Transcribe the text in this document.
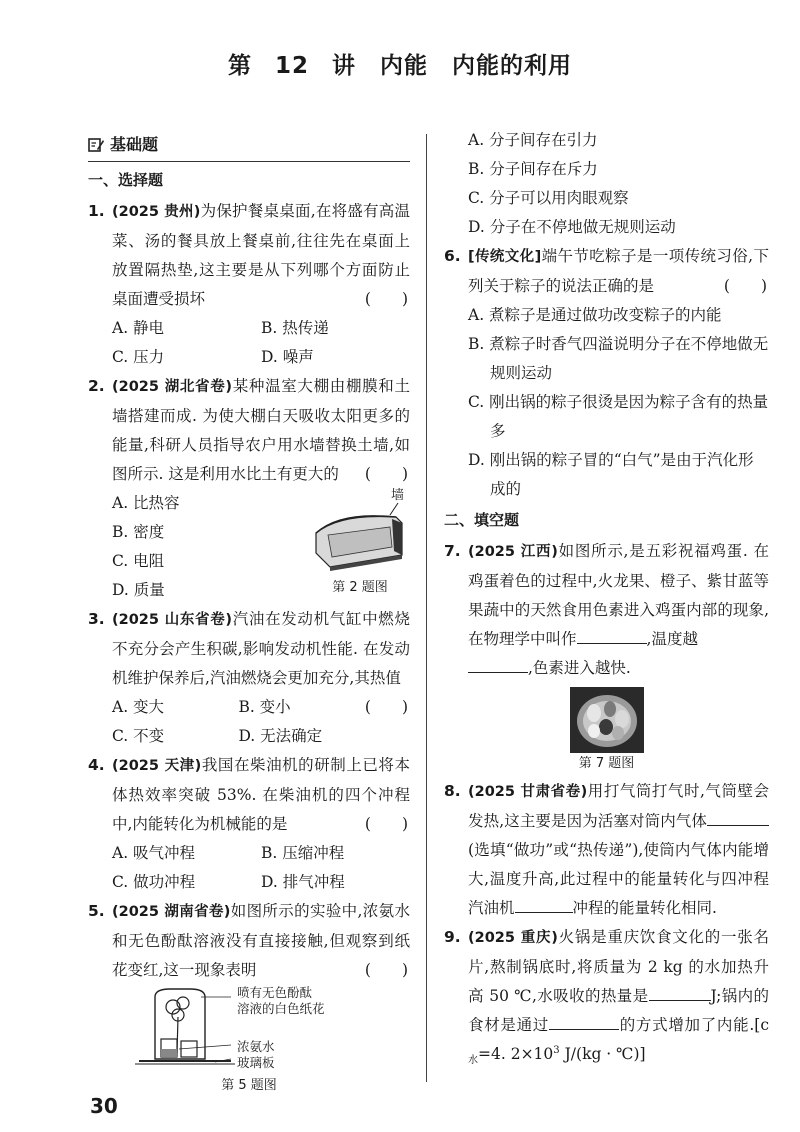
第 12 讲　内能　内能的利用
基础题
一、选择题
1. (2025 贵州)为保护餐桌桌面,在将盛有高温菜、汤的餐具放上餐桌前,往往先在桌面上放置隔热垫,这主要是从下列哪个方面防止桌面遭受损坏	(　　)
A. 静电	B. 热传递
C. 压力	D. 噪声
2. (2025 湖北省卷)某种温室大棚由棚膜和土墙搭建而成. 为使大棚白天吸收太阳更多的能量,科研人员指导农户用水墙替换土墙,如图所示. 这是利用水比土有更大的 (　　)
A. 比热容
B. 密度
C. 电阻
D. 质量
墙
第 2 题图
3. (2025 山东省卷)汽油在发动机气缸中燃烧不充分会产生积碳,影响发动机性能. 在发动机维护保养后,汽油燃烧会更加充分,其热值
(　　)
A. 变大	B. 变小
C. 不变	D. 无法确定
4. (2025 天津)我国在柴油机的研制上已将本体热效率突破 53%. 在柴油机的四个冲程中,内能转化为机械能的是	(　　)
A. 吸气冲程	B. 压缩冲程
C. 做功冲程	D. 排气冲程
5. (2025 湖南省卷)如图所示的实验中,浓氨水和无色酚酞溶液没有直接接触,但观察到纸花变红,这一现象表明	(　　)
喷有无色酚酞
溶液的白色纸花
浓氨水
玻璃板
第 5 题图
A. 分子间存在引力
B. 分子间存在斥力
C. 分子可以用肉眼观察
D. 分子在不停地做无规则运动
6. [传统文化]端午节吃粽子是一项传统习俗,下列关于粽子的说法正确的是	(　　)
A. 煮粽子是通过做功改变粽子的内能
B. 煮粽子时香气四溢说明分子在不停地做无规则运动
C. 刚出锅的粽子很烫是因为粽子含有的热量多
D. 刚出锅的粽子冒的“白气”是由于汽化形成的
二、填空题
7. (2025 江西)如图所示,是五彩祝福鸡蛋. 在鸡蛋着色的过程中,火龙果、橙子、紫甘蓝等果蔬中的天然食用色素进入鸡蛋内部的现象,在物理学中叫作	,温度越
,色素进入越快.
第 7 题图
8. (2025 甘肃省卷)用打气筒打气时,气筒壁会发热,这主要是因为活塞对筒内气体(选填“做功”或“热传递”),使筒内气体内能增大,温度升高,此过程中的能量转化与四冲程汽油机	冲程的能量转化相同.
9. (2025 重庆)火锅是重庆饮食文化的一张名片,熬制锅底时,将质量为 2 kg 的水加热升高 50 ℃,水吸收的热量是	J;锅内的食材是通过	的方式增加了内能$.[c_水=4$. $2\times 10^3$ J/(kg · ℃)]
30
